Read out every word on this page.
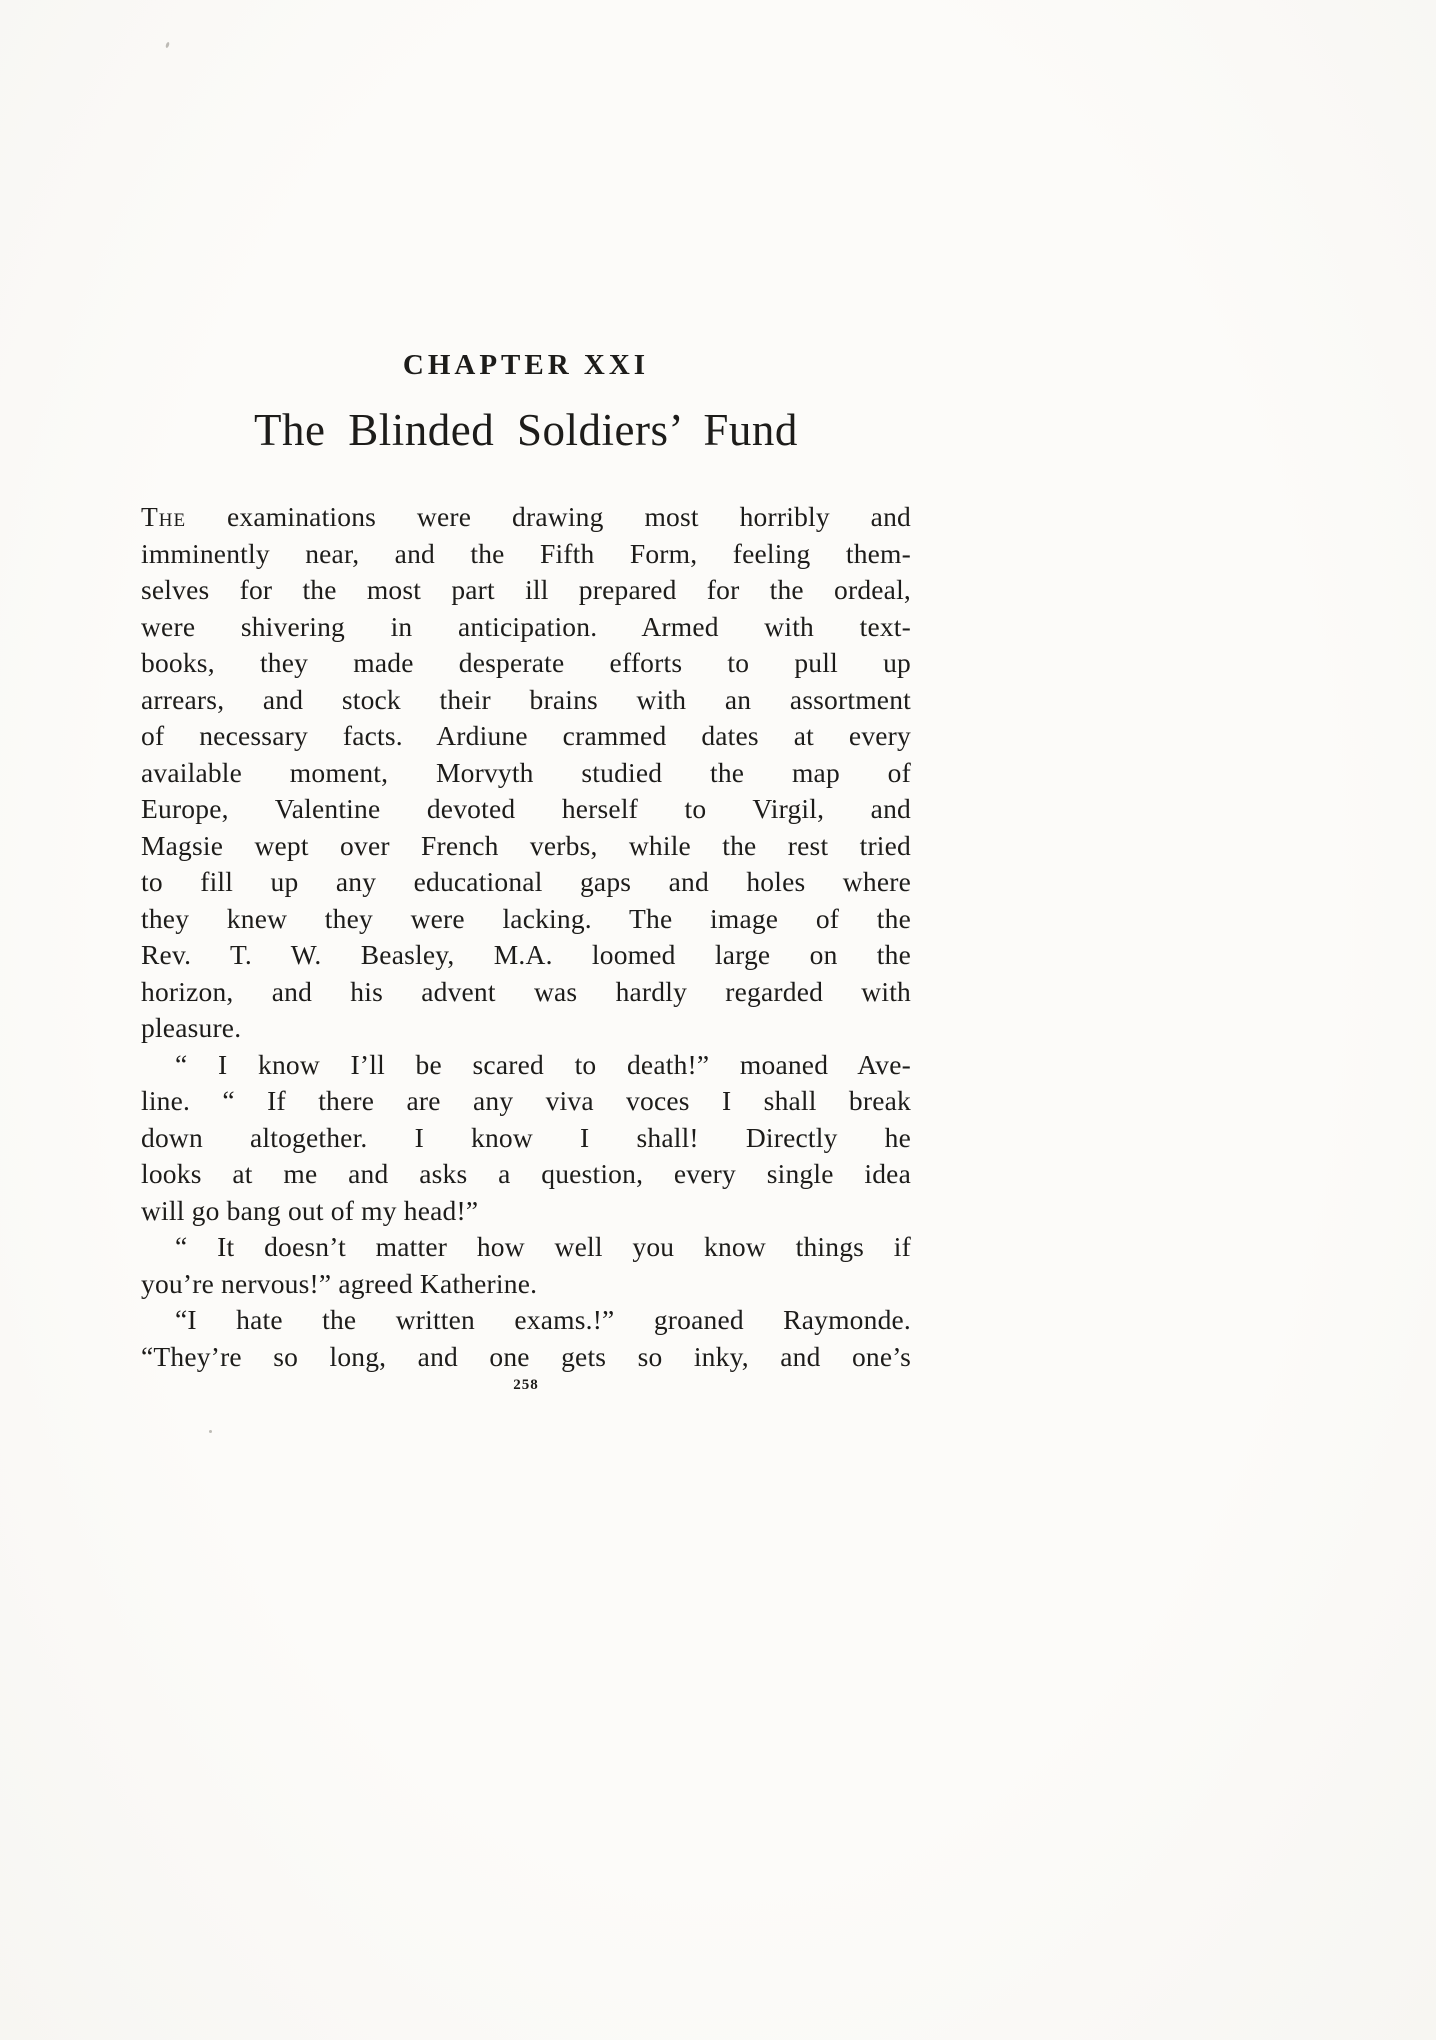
CHAPTER XXI
The Blinded Soldiers’ Fund
The examinations were drawing most horribly and
imminently near, and the Fifth Form, feeling them-
selves for the most part ill prepared for the ordeal,
were shivering in anticipation. Armed with text-
books, they made desperate efforts to pull up
arrears, and stock their brains with an assortment
of necessary facts. Ardiune crammed dates at every
available moment, Morvyth studied the map of
Europe, Valentine devoted herself to Virgil, and
Magsie wept over French verbs, while the rest tried
to fill up any educational gaps and holes where
they knew they were lacking. The image of the
Rev. T. W. Beasley, M.A. loomed large on the
horizon, and his advent was hardly regarded with
pleasure.
“ I know I’ll be scared to death!” moaned Ave-
line. “ If there are any viva voces I shall break
down altogether. I know I shall! Directly he
looks at me and asks a question, every single idea
will go bang out of my head!”
“ It doesn’t matter how well you know things if
you’re nervous!” agreed Katherine.
“I hate the written exams.!” groaned Raymonde.
“They’re so long, and one gets so inky, and one’s
258
